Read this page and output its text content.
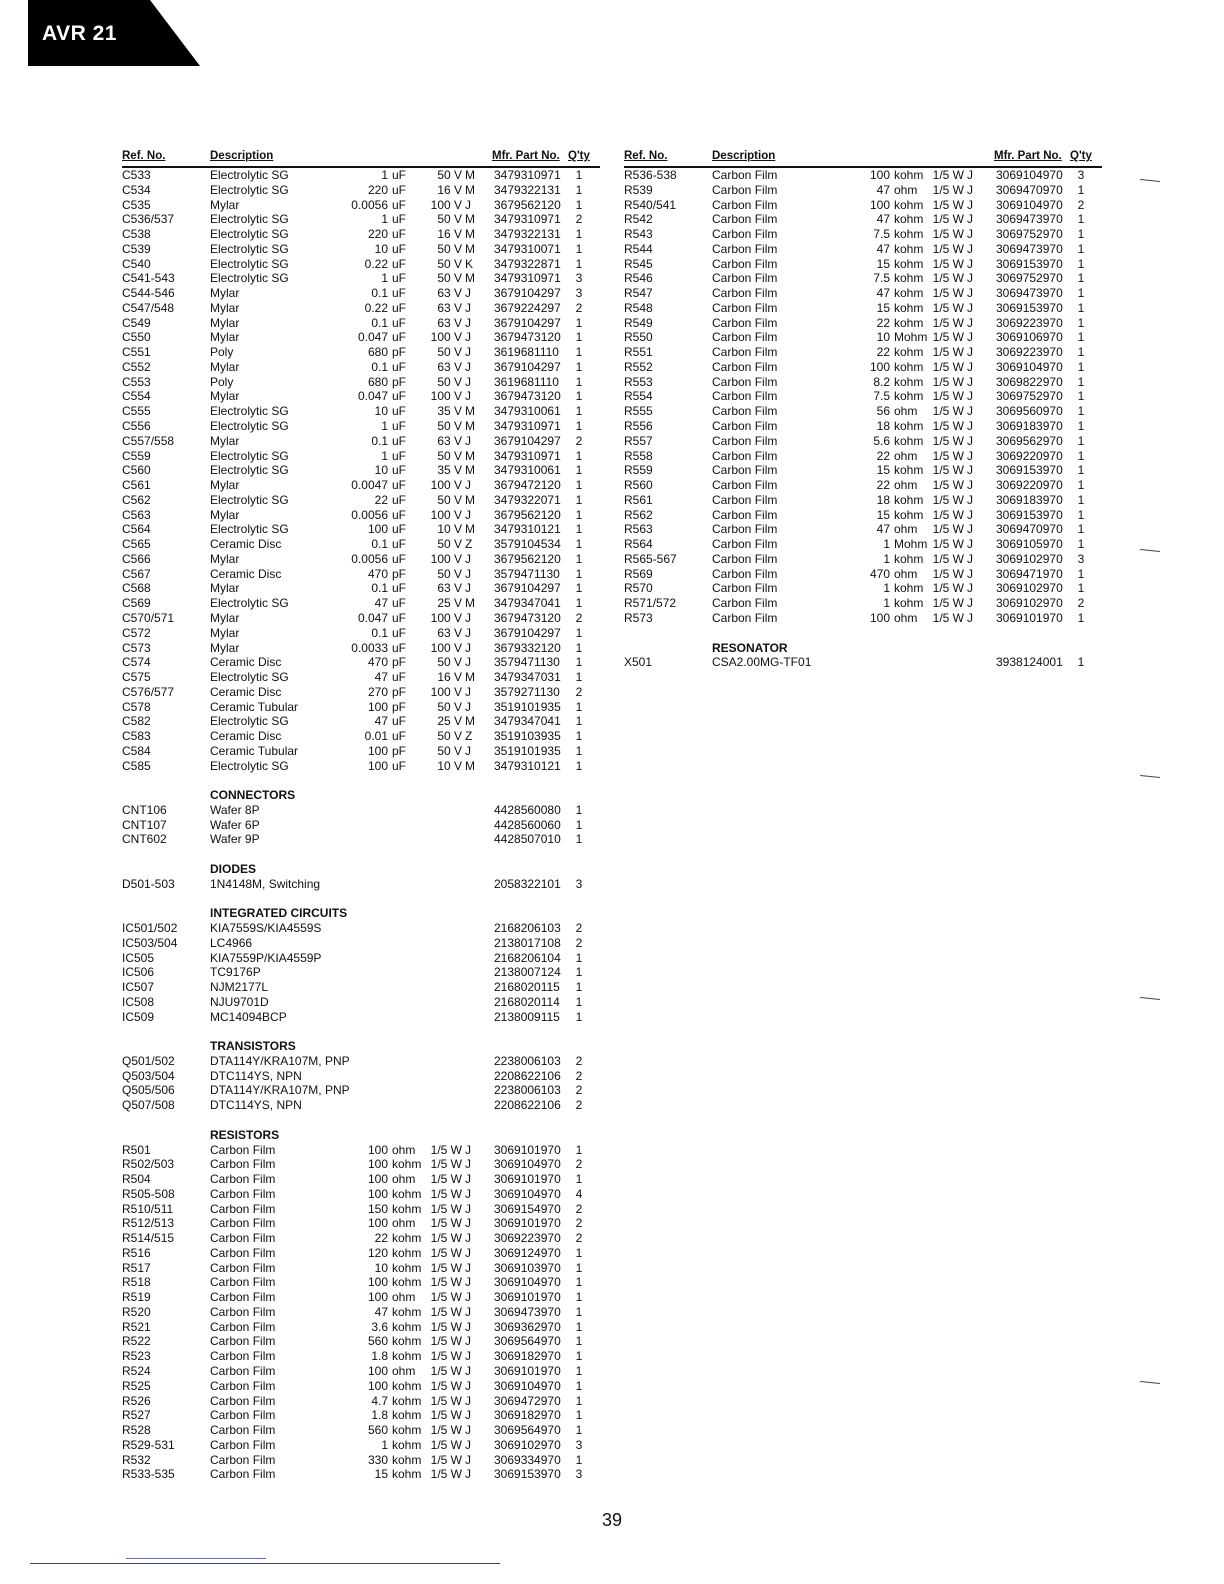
AVR 21
Ref. No.	Description	Mfr. Part No. Q'ty
C533	Electrolytic SG	1 uF	50 V M	3479310971	1
C534	Electrolytic SG	220 uF	16 V M	3479322131	1
C535	Mylar	0.0056 uF	100 V J	3679562120	1
C536/537	Electrolytic SG	1 uF	50 V M	3479310971	2
C538	Electrolytic SG	220 uF	16 V M	3479322131	1
C539	Electrolytic SG	10 uF	50 V M	3479310071	1
C540	Electrolytic SG	0.22 uF	50 V K	3479322871	1
C541-543	Electrolytic SG	1 uF	50 V M	3479310971	3
C544-546	Mylar	0.1 uF	63 V J	3679104297	3
C547/548	Mylar	0.22 uF	63 V J	3679224297	2
C549	Mylar	0.1 uF	63 V J	3679104297	1
C550	Mylar	0.047 uF	100 V J	3679473120	1
C551	Poly	680 pF	50 V J	3619681110	1
C552	Mylar	0.1 uF	63 V J	3679104297	1
C553	Poly	680 pF	50 V J	3619681110	1
C554	Mylar	0.047 uF	100 V J	3679473120	1
C555	Electrolytic SG	10 uF	35 V M	3479310061	1
C556	Electrolytic SG	1 uF	50 V M	3479310971	1
C557/558	Mylar	0.1 uF	63 V J	3679104297	2
C559	Electrolytic SG	1 uF	50 V M	3479310971	1
C560	Electrolytic SG	10 uF	35 V M	3479310061	1
C561	Mylar	0.0047 uF	100 V J	3679472120	1
C562	Electrolytic SG	22 uF	50 V M	3479322071	1
C563	Mylar	0.0056 uF	100 V J	3679562120	1
C564	Electrolytic SG	100 uF	10 V M	3479310121	1
C565	Ceramic Disc	0.1 uF	50 V Z	3579104534	1
C566	Mylar	0.0056 uF	100 V J	3679562120	1
C567	Ceramic Disc	470 pF	50 V J	3579471130	1
C568	Mylar	0.1 uF	63 V J	3679104297	1
C569	Electrolytic SG	47 uF	25 V M	3479347041	1
C570/571	Mylar	0.047 uF	100 V J	3679473120	2
C572	Mylar	0.1 uF	63 V J	3679104297	1
C573	Mylar	0.0033 uF	100 V J	3679332120	1
C574	Ceramic Disc	470 pF	50 V J	3579471130	1
C575	Electrolytic SG	47 uF	16 V M	3479347031	1
C576/577	Ceramic Disc	270 pF	100 V J	3579271130	2
C578	Ceramic Tubular	100 pF	50 V J	3519101935	1
C582	Electrolytic SG	47 uF	25 V M	3479347041	1
C583	Ceramic Disc	0.01 uF	50 V Z	3519103935	1
C584	Ceramic Tubular	100 pF	50 V J	3519101935	1
C585	Electrolytic SG	100 uF	10 V M	3479310121	1
CONNECTORS
CNT106	Wafer 8P	4428560080	1
CNT107	Wafer 6P	4428560060	1
CNT602	Wafer 9P	4428507010	1
DIODES
D501-503	1N4148M, Switching	2058322101	3
INTEGRATED CIRCUITS
IC501/502	KIA7559S/KIA4559S	2168206103	2
IC503/504	LC4966	2138017108	2
IC505	KIA7559P/KIA4559P	2168206104	1
IC506	TC9176P	2138007124	1
IC507	NJM2177L	2168020115	1
IC508	NJU9701D	2168020114	1
IC509	MC14094BCP	2138009115	1
TRANSISTORS
Q501/502	DTA114Y/KRA107M, PNP	2238006103	2
Q503/504	DTC114YS, NPN	2208622106	2
Q505/506	DTA114Y/KRA107M, PNP	2238006103	2
Q507/508	DTC114YS, NPN	2208622106	2
RESISTORS
R501	Carbon Film	100 ohm	1/5 W J	3069101970	1
R502/503	Carbon Film	100 kohm 1/5 W J	3069104970	2
R504	Carbon Film	100 ohm	1/5 W J	3069101970	1
R505-508	Carbon Film	100 kohm 1/5 W J	3069104970	4
R510/511	Carbon Film	150 kohm 1/5 W J	3069154970	2
R512/513	Carbon Film	100 ohm	1/5 W J	3069101970	2
R514/515	Carbon Film	22 kohm 1/5 W J	3069223970	2
R516	Carbon Film	120 kohm 1/5 W J	3069124970	1
R517	Carbon Film	10 kohm 1/5 W J	3069103970	1
R518	Carbon Film	100 kohm 1/5 W J	3069104970	1
R519	Carbon Film	100 ohm	1/5 W J	3069101970	1
R520	Carbon Film	47 kohm 1/5 W J	3069473970	1
R521	Carbon Film	3.6 kohm 1/5 W J	3069362970	1
R522	Carbon Film	560 kohm 1/5 W J	3069564970	1
R523	Carbon Film	1.8 kohm 1/5 W J	3069182970	1
R524	Carbon Film	100 ohm	1/5 W J	3069101970	1
R525	Carbon Film	100 kohm 1/5 W J	3069104970	1
R526	Carbon Film	4.7 kohm 1/5 W J	3069472970	1
R527	Carbon Film	1.8 kohm 1/5 W J	3069182970	1
R528	Carbon Film	560 kohm 1/5 W J	3069564970	1
R529-531	Carbon Film	1 kohm 1/5 W J	3069102970	3
R532	Carbon Film	330 kohm 1/5 W J	3069334970	1
R533-535	Carbon Film	15 kohm 1/5 W J	3069153970	3
Ref. No.	Description	Mfr. Part No. Q'ty
R536-538	Carbon Film	100 kohm 1/5 W J	3069104970	3
R539	Carbon Film	47 ohm	1/5 W J	3069470970	1
R540/541	Carbon Film	100 kohm 1/5 W J	3069104970	2
R542	Carbon Film	47 kohm 1/5 W J	3069473970	1
R543	Carbon Film	7.5 kohm 1/5 W J	3069752970	1
R544	Carbon Film	47 kohm 1/5 W J	3069473970	1
R545	Carbon Film	15 kohm 1/5 W J	3069153970	1
R546	Carbon Film	7.5 kohm 1/5 W J	3069752970	1
R547	Carbon Film	47 kohm 1/5 W J	3069473970	1
R548	Carbon Film	15 kohm 1/5 W J	3069153970	1
R549	Carbon Film	22 kohm 1/5 W J	3069223970	1
R550	Carbon Film	10 Mohm 1/5 W J	3069106970	1
R551	Carbon Film	22 kohm 1/5 W J	3069223970	1
R552	Carbon Film	100 kohm 1/5 W J	3069104970	1
R553	Carbon Film	8.2 kohm 1/5 W J	3069822970	1
R554	Carbon Film	7.5 kohm 1/5 W J	3069752970	1
R555	Carbon Film	56 ohm	1/5 W J	3069560970	1
R556	Carbon Film	18 kohm 1/5 W J	3069183970	1
R557	Carbon Film	5.6 kohm 1/5 W J	3069562970	1
R558	Carbon Film	22 ohm	1/5 W J	3069220970	1
R559	Carbon Film	15 kohm 1/5 W J	3069153970	1
R560	Carbon Film	22 ohm	1/5 W J	3069220970	1
R561	Carbon Film	18 kohm 1/5 W J	3069183970	1
R562	Carbon Film	15 kohm 1/5 W J	3069153970	1
R563	Carbon Film	47 ohm	1/5 W J	3069470970	1
R564	Carbon Film	1 Mohm 1/5 W J	3069105970	1
R565-567	Carbon Film	1 kohm 1/5 W J	3069102970	3
R569	Carbon Film	470 ohm	1/5 W J	3069471970	1
R570	Carbon Film	1 kohm 1/5 W J	3069102970	1
R571/572	Carbon Film	1 kohm 1/5 W J	3069102970	2
R573	Carbon Film	100 ohm	1/5 W J	3069101970	1
RESONATOR
X501	CSA2.00MG-TF01	3938124001	1
39
